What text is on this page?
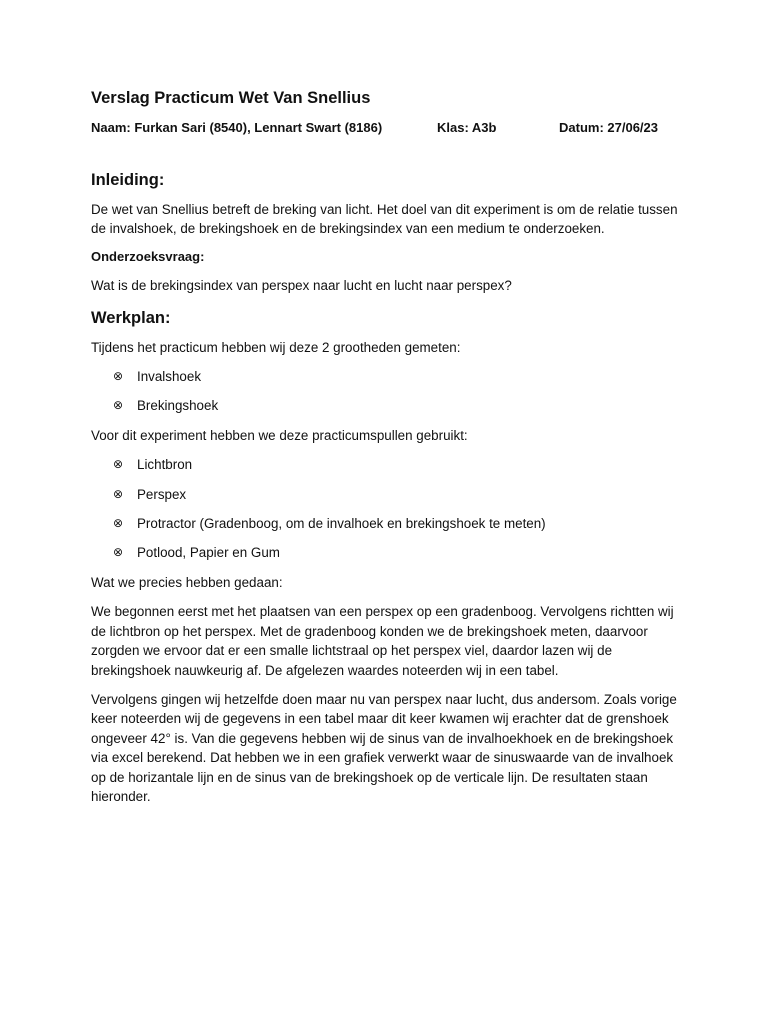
Verslag Practicum Wet Van Snellius
Naam: Furkan Sari (8540), Lennart Swart (8186)	Klas: A3b	Datum: 27/06/23
Inleiding:

De wet van Snellius betreft de breking van licht. Het doel van dit experiment is om de relatie tussen de invalshoek, de brekingshoek en de brekingsindex van een medium te onderzoeken.

Onderzoeksvraag:

Wat is de brekingsindex van perspex naar lucht en lucht naar perspex?

Werkplan:

Tijdens het practicum hebben wij deze 2 grootheden gemeten:

⊗ Invalshoek
⊗ Brekingshoek

Voor dit experiment hebben we deze practicumspullen gebruikt:

⊗ Lichtbron
⊗ Perspex
⊗ Protractor (Gradenboog, om de invalhoek en brekingshoek te meten)
⊗ Potlood, Papier en Gum

Wat we precies hebben gedaan:

We begonnen eerst met het plaatsen van een perspex op een gradenboog. Vervolgens richtten wij de lichtbron op het perspex. Met de gradenboog konden we de brekingshoek meten, daarvoor zorgden we ervoor dat er een smalle lichtstraal op het perspex viel, daardor lazen wij de brekingshoek nauwkeurig af. De afgelezen waardes noteerden wij in een tabel.

Vervolgens gingen wij hetzelfde doen maar nu van perspex naar lucht, dus andersom. Zoals vorige keer noteerden wij de gegevens in een tabel maar dit keer kwamen wij erachter dat de grenshoek ongeveer 42° is. Van die gegevens hebben wij de sinus van de invalhoekhoek en de brekingshoek via excel berekend. Dat hebben we in een grafiek verwerkt waar de sinuswaarde van de invalhoek op de horizantale lijn en de sinus van de brekingshoek op de verticale lijn. De resultaten staan hieronder.
